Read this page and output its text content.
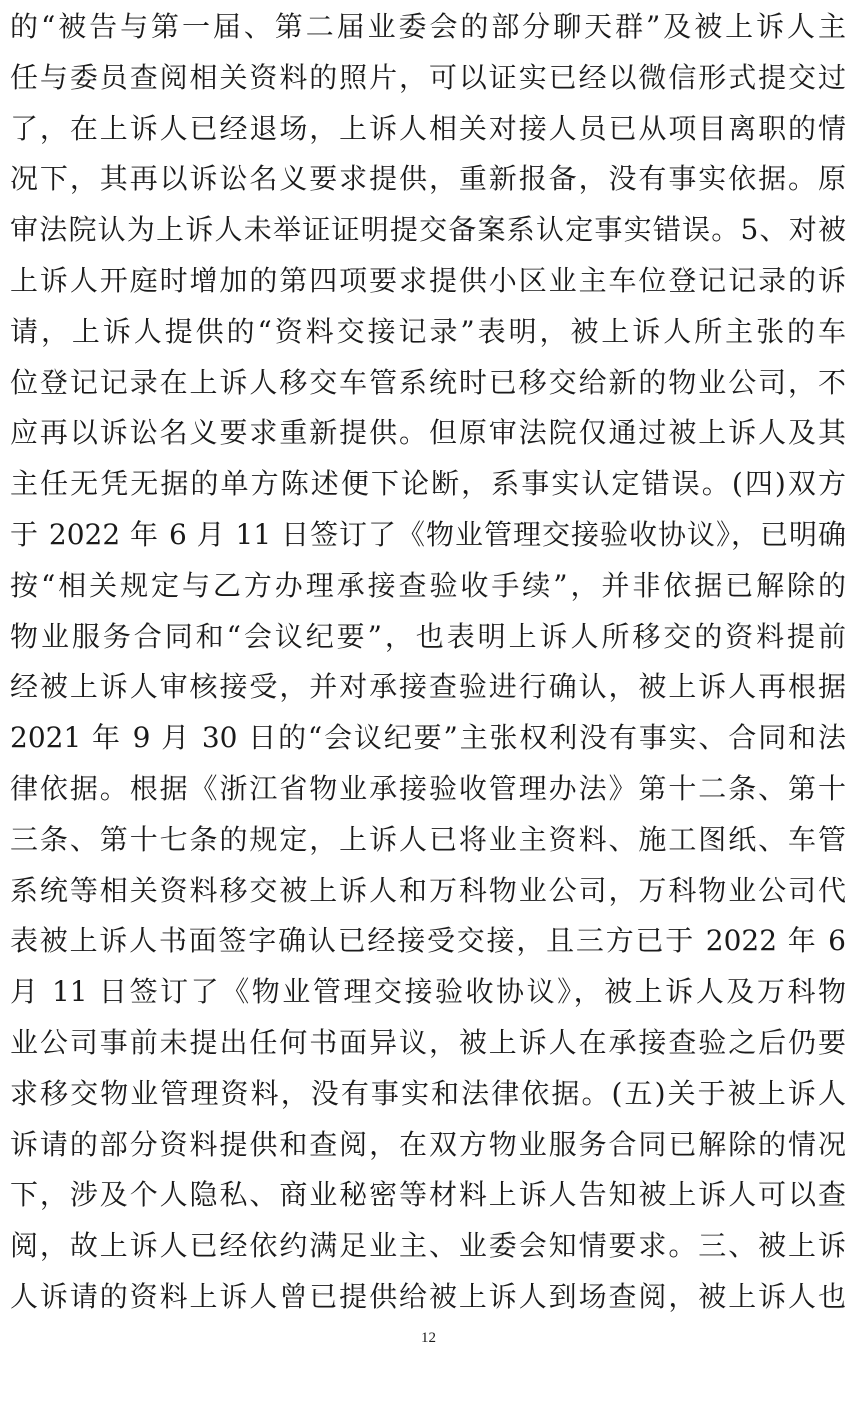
的“被告与第一届、第二届业委会的部分聊天群”及被上诉人主
任与委员查阅相关资料的照片，可以证实已经以微信形式提交过
了，在上诉人已经退场，上诉人相关对接人员已从项目离职的情
况下，其再以诉讼名义要求提供，重新报备，没有事实依据。原
审法院认为上诉人未举证证明提交备案系认定事实错误。5、对被
上诉人开庭时增加的第四项要求提供小区业主车位登记记录的诉
请，上诉人提供的“资料交接记录”表明，被上诉人所主张的车
位登记记录在上诉人移交车管系统时已移交给新的物业公司，不
应再以诉讼名义要求重新提供。但原审法院仅通过被上诉人及其
主任无凭无据的单方陈述便下论断，系事实认定错误。(四)双方
于 2022 年 6 月 11 日签订了《物业管理交接验收协议》，已明确
按“相关规定与乙方办理承接查验收手续”，并非依据已解除的
物业服务合同和“会议纪要”，也表明上诉人所移交的资料提前
经被上诉人审核接受，并对承接查验进行确认，被上诉人再根据
2021 年 9 月 30 日的“会议纪要”主张权利没有事实、合同和法
律依据。根据《浙江省物业承接验收管理办法》第十二条、第十
三条、第十七条的规定，上诉人已将业主资料、施工图纸、车管
系统等相关资料移交被上诉人和万科物业公司，万科物业公司代
表被上诉人书面签字确认已经接受交接，且三方已于 2022 年 6
月 11 日签订了《物业管理交接验收协议》，被上诉人及万科物
业公司事前未提出任何书面异议，被上诉人在承接查验之后仍要
求移交物业管理资料，没有事实和法律依据。(五)关于被上诉人
诉请的部分资料提供和查阅，在双方物业服务合同已解除的情况
下，涉及个人隐私、商业秘密等材料上诉人告知被上诉人可以查
阅，故上诉人已经依约满足业主、业委会知情要求。三、被上诉
人诉请的资料上诉人曾已提供给被上诉人到场查阅，被上诉人也
12
